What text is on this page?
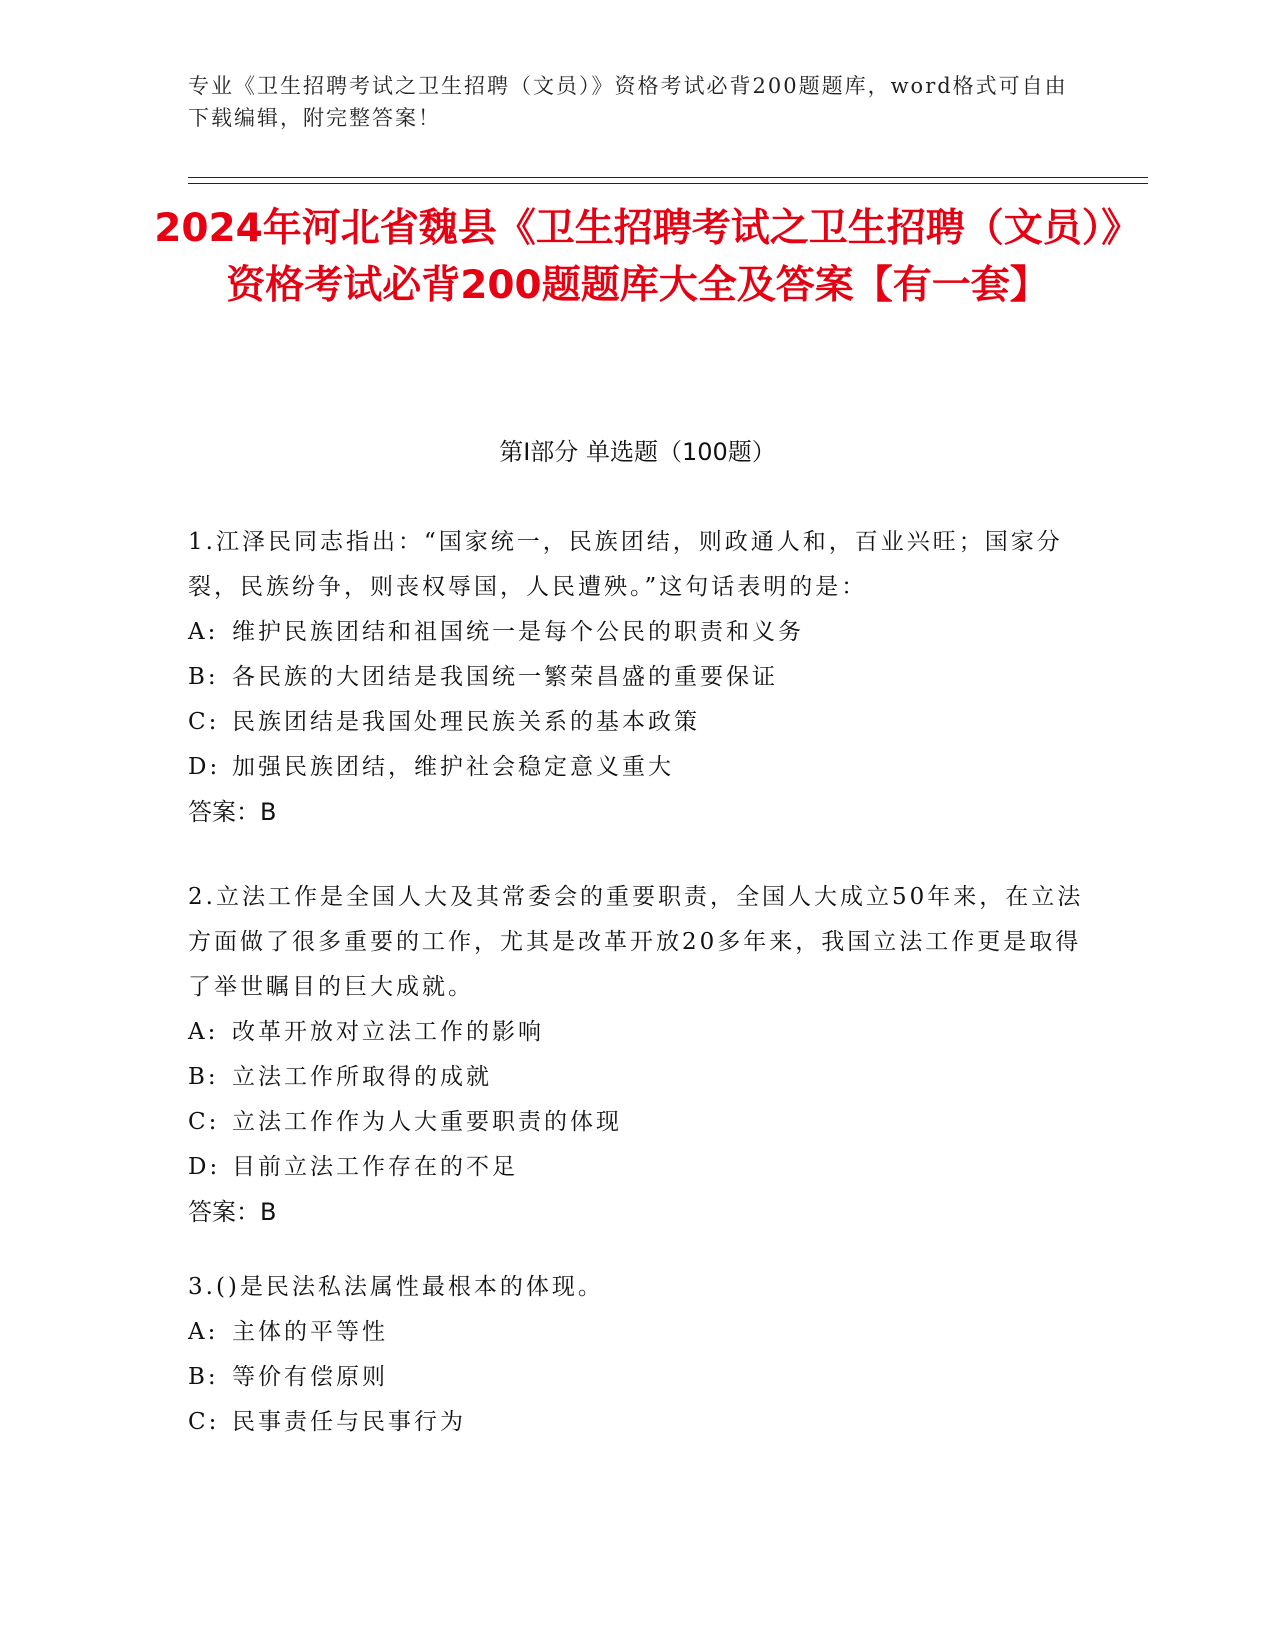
专业《卫生招聘考试之卫生招聘（文员）》资格考试必背200题题库，word格式可自由下载编辑，附完整答案！
2024年河北省魏县《卫生招聘考试之卫生招聘（文员）》资格考试必背200题题库大全及答案【有一套】
第I部分 单选题（100题）

1.江泽民同志指出：“国家统一，民族团结，则政通人和，百业兴旺；国家分裂，民族纷争，则丧权辱国，人民遭殃。”这句话表明的是：

A: 维护民族团结和祖国统一是每个公民的职责和义务

B: 各民族的大团结是我国统一繁荣昌盛的重要保证

C: 民族团结是我国处理民族关系的基本政策

D: 加强民族团结，维护社会稳定意义重大

答案：B

2.立法工作是全国人大及其常委会的重要职责，全国人大成立50年来，在立法方面做了很多重要的工作，尤其是改革开放20多年来，我国立法工作更是取得了举世瞩目的巨大成就。

A: 改革开放对立法工作的影响

B: 立法工作所取得的成就

C: 立法工作作为人大重要职责的体现

D: 目前立法工作存在的不足

答案：B

3.()是民法私法属性最根本的体现。

A: 主体的平等性

B: 等价有偿原则

C: 民事责任与民事行为
